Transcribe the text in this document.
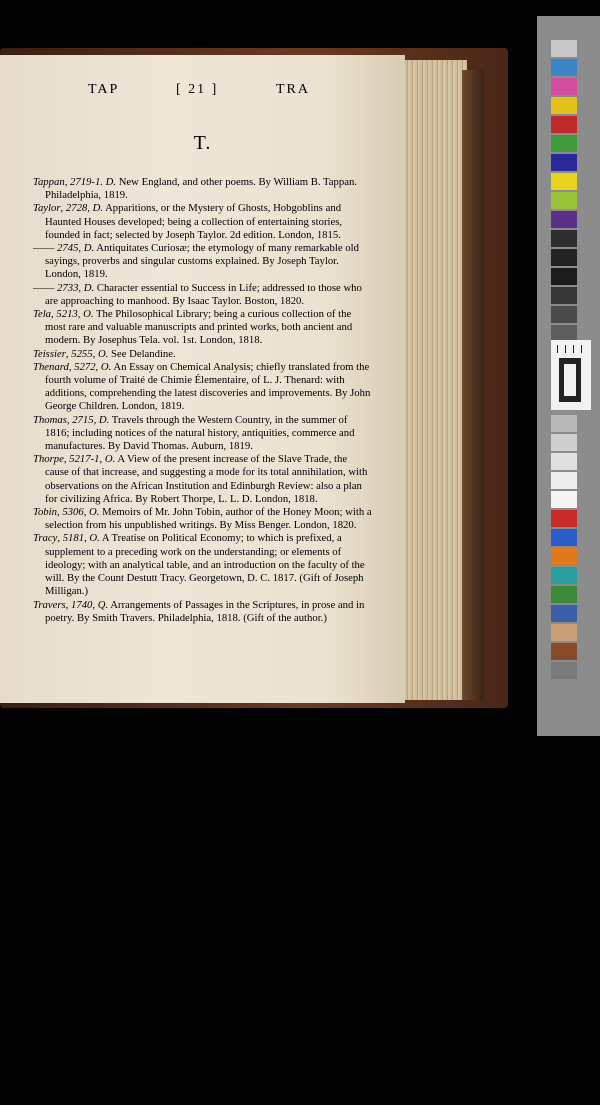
TAP	[ 21 ]	TRA
T.

Tappan, 2719-1. D. New England, and other poems. By William B. Tappan. Philadelphia, 1819.

Taylor, 2728, D. Apparitions, or the Mystery of Ghosts, Hobgoblins and Haunted Houses developed; being a collection of entertaining stories, founded in fact; selected by Joseph Taylor. 2d edition. London, 1815.

—— 2745, D. Antiquitates Curiosæ; the etymology of many remarkable old sayings, proverbs and singular customs explained. By Joseph Taylor. London, 1819.

—— 2733, D. Character essential to Success in Life; addressed to those who are approaching to manhood. By Isaac Taylor. Boston, 1820.

Tela, 5213, O. The Philosophical Library; being a curious collection of the most rare and valuable manuscripts and printed works, both ancient and modern. By Josephus Tela. vol. 1st. London, 1818.

Teissier, 5255, O. See Delandine.

Thenard, 5272, O. An Essay on Chemical Analysis; chiefly translated from the fourth volume of Traité de Chimie Élementaire, of L. J. Thenard: with additions, comprehending the latest discoveries and improvements. By John George Children. London, 1819.

Thomas, 2715, D. Travels through the Western Country, in the summer of 1816; including notices of the natural history, antiquities, commerce and manufactures. By David Thomas. Auburn, 1819.

Thorpe, 5217-1, O. A View of the present increase of the Slave Trade, the cause of that increase, and suggesting a mode for its total annihilation, with observations on the African Institution and Edinburgh Review: also a plan for civilizing Africa. By Robert Thorpe, L. L. D. London, 1818.

Tobin, 5306, O. Memoirs of Mr. John Tobin, author of the Honey Moon; with a selection from his unpublished writings. By Miss Benger. London, 1820.

Tracy, 5181, O. A Treatise on Political Economy; to which is prefixed, a supplement to a preceding work on the understanding; or elements of ideology; with an analytical table, and an introduction on the faculty of the will. By the Count Destutt Tracy. Georgetown, D. C. 1817. (Gift of Joseph Milligan.)

Travers, 1740, Q. Arrangements of Passages in the Scriptures, in prose and in poetry. By Smith Travers. Philadelphia, 1818. (Gift of the author.)
